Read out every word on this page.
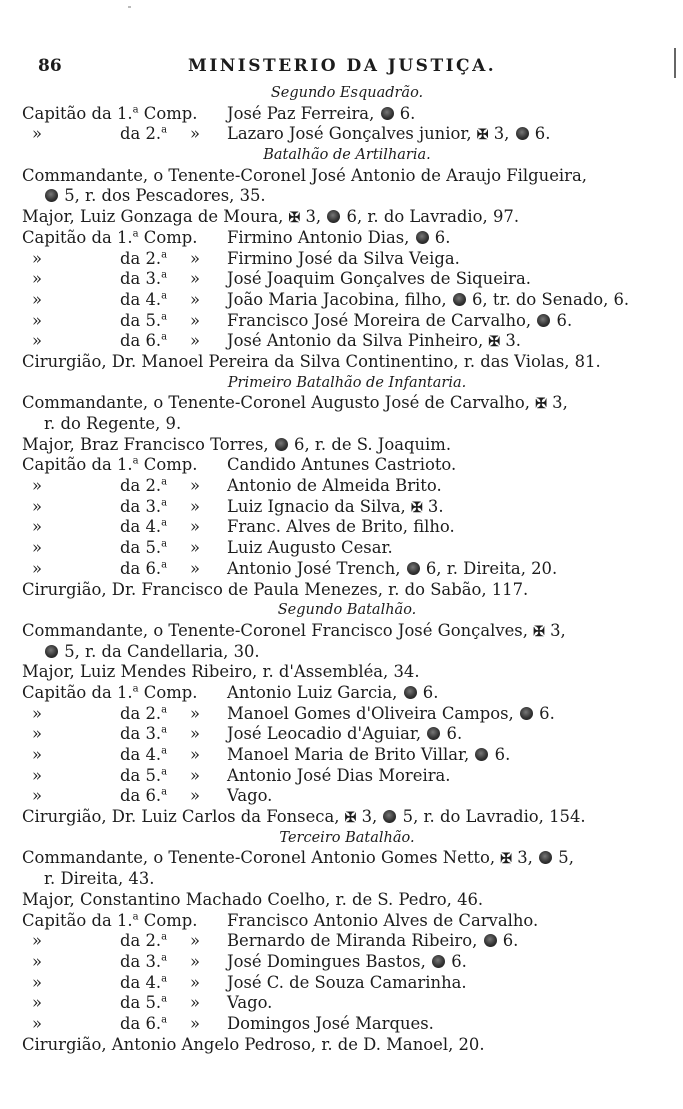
86	MINISTERIO DA JUSTIÇA.
Segundo Esquadrão.
Capitão da 1.$^a$ Comp. José Paz Ferreira,  6.
»	da 2.$^a$ » Lazaro José Gonçalves junior, ✠ 3,  6.
Batalhão de Artilharia.
Commandante, o Tenente-Coronel José Antonio de Araujo Filgueira,
5, r. dos Pescadores, 35.
Major, Luiz Gonzaga de Moura, ✠ 3,  6, r. do Lavradio, 97.
Capitão da 1.$^a$ Comp. Firmino Antonio Dias,  6.
»	da 2.$^a$ » Firmino José da Silva Veiga.
»	da 3.$^a$ » José Joaquim Gonçalves de Siqueira.
»	da 4.$^a$ » João Maria Jacobina, filho,  6, tr. do Senado, 6.
»	da 5.$^a$ » Francisco José Moreira de Carvalho,  6.
»	da 6.$^a$ » José Antonio da Silva Pinheiro, ✠ 3.
Cirurgião, Dr. Manoel Pereira da Silva Continentino, r. das Violas, 81.
Primeiro Batalhão de Infantaria.
Commandante, o Tenente-Coronel Augusto José de Carvalho, ✠ 3,
r. do Regente, 9.
Major, Braz Francisco Torres,  6, r. de S. Joaquim.
Capitão da 1.$^a$ Comp. Candido Antunes Castrioto.
»	da 2.$^a$ » Antonio de Almeida Brito.
»	da 3.$^a$ » Luiz Ignacio da Silva, ✠ 3.
»	da 4.$^a$ » Franc. Alves de Brito, filho.
»	da 5.$^a$ » Luiz Augusto Cesar.
»	da 6.$^a$ » Antonio José Trench,  6, r. Direita, 20.
Cirurgião, Dr. Francisco de Paula Menezes, r. do Sabão, 117.
Segundo Batalhão.
Commandante, o Tenente-Coronel Francisco José Gonçalves, ✠ 3,
5, r. da Candellaria, 30.
Major, Luiz Mendes Ribeiro, r. d'Assembléa, 34.
Capitão da 1.$^a$ Comp. Antonio Luiz Garcia,  6.
»	da 2.$^a$ » Manoel Gomes d'Oliveira Campos,  6.
»	da 3.$^a$ » José Leocadio d'Aguiar,  6.
»	da 4.$^a$ » Manoel Maria de Brito Villar,  6.
»	da 5.$^a$ » Antonio José Dias Moreira.
»	da 6.$^a$ » Vago.
Cirurgião, Dr. Luiz Carlos da Fonseca, ✠ 3,  5, r. do Lavradio, 154.
Terceiro Batalhão.
Commandante, o Tenente-Coronel Antonio Gomes Netto, ✠ 3,  5,
r. Direita, 43.
Major, Constantino Machado Coelho, r. de S. Pedro, 46.
Capitão da 1.$^a$ Comp. Francisco Antonio Alves de Carvalho.
»	da 2.$^a$ » Bernardo de Miranda Ribeiro,  6.
»	da 3.$^a$ » José Domingues Bastos,  6.
»	da 4.$^a$ » José C. de Souza Camarinha.
»	da 5.$^a$ » Vago.
»	da 6.$^a$ » Domingos José Marques.
Cirurgião, Antonio Angelo Pedroso, r. de D. Manoel, 20.
